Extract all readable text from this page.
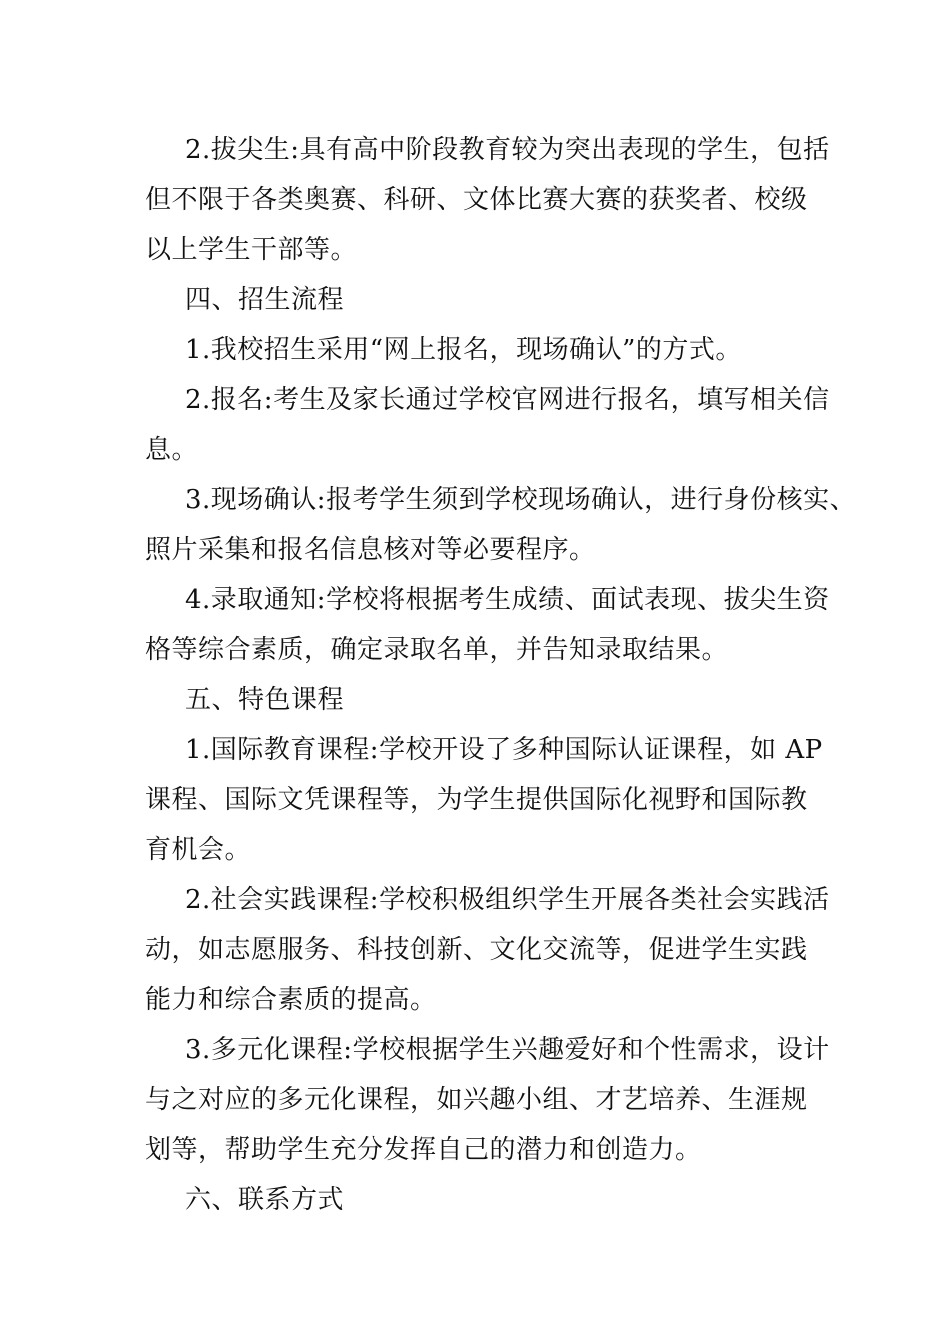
2.拔尖生:具有高中阶段教育较为突出表现的学生，包括
但不限于各类奥赛、科研、文体比赛大赛的获奖者、校级
以上学生干部等。
四、招生流程
1.我校招生采用“网上报名，现场确认”的方式。
2.报名:考生及家长通过学校官网进行报名，填写相关信
息。
3.现场确认:报考学生须到学校现场确认，进行身份核实、
照片采集和报名信息核对等必要程序。
4.录取通知:学校将根据考生成绩、面试表现、拔尖生资
格等综合素质，确定录取名单，并告知录取结果。
五、特色课程
1.国际教育课程:学校开设了多种国际认证课程，如 AP
课程、国际文凭课程等，为学生提供国际化视野和国际教
育机会。
2.社会实践课程:学校积极组织学生开展各类社会实践活
动，如志愿服务、科技创新、文化交流等，促进学生实践
能力和综合素质的提高。
3.多元化课程:学校根据学生兴趣爱好和个性需求，设计
与之对应的多元化课程，如兴趣小组、才艺培养、生涯规
划等，帮助学生充分发挥自己的潜力和创造力。
六、联系方式
